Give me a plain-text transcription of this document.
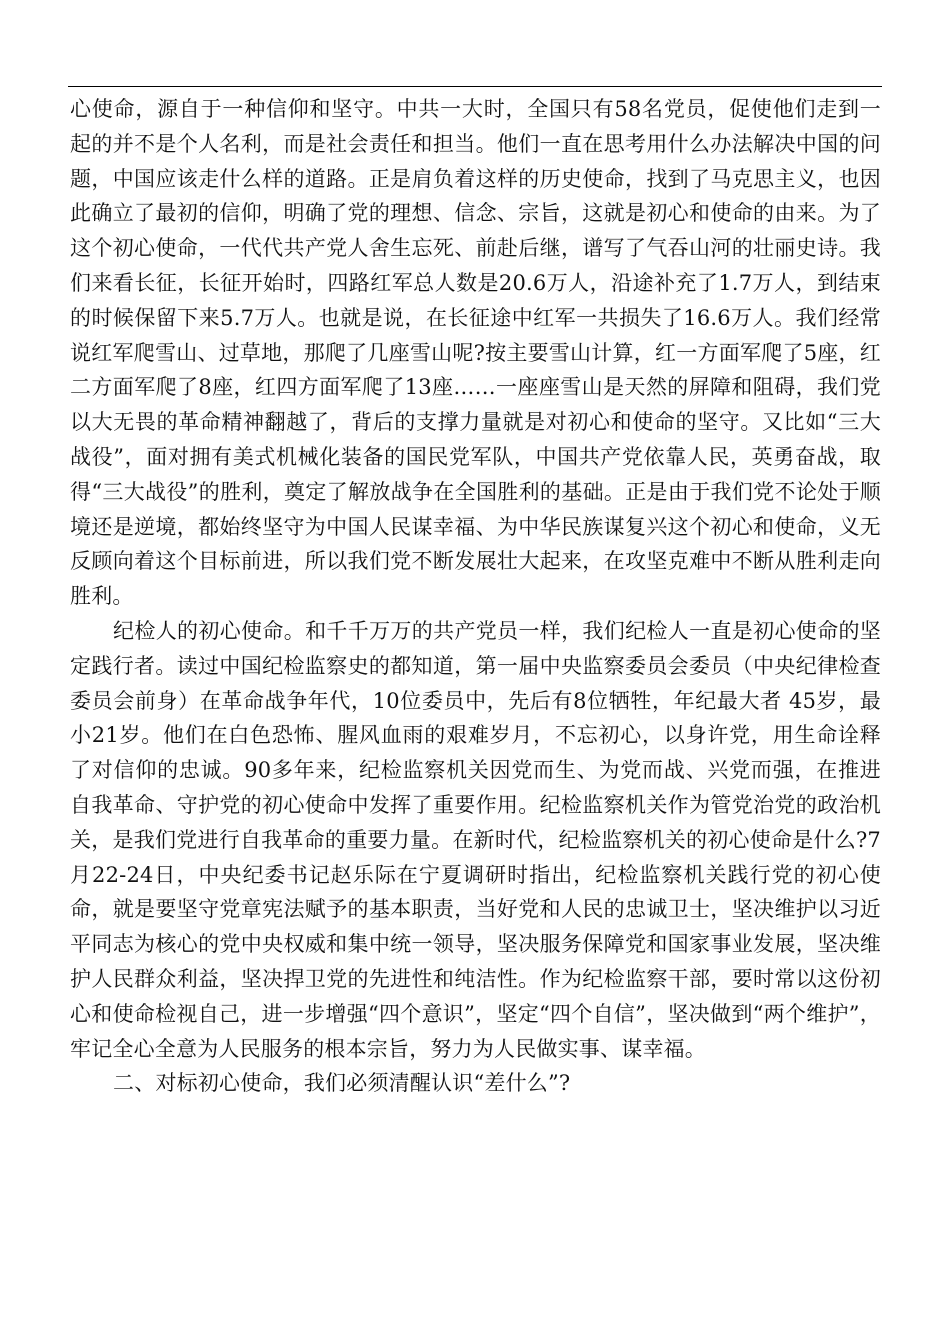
心使命，源自于一种信仰和坚守。中共一大时，全国只有58名党员，促使他们走到一起的并不是个人名利，而是社会责任和担当。他们一直在思考用什么办法解决中国的问题，中国应该走什么样的道路。正是肩负着这样的历史使命，找到了马克思主义，也因此确立了最初的信仰，明确了党的理想、信念、宗旨，这就是初心和使命的由来。为了这个初心使命，一代代共产党人舍生忘死、前赴后继，谱写了气吞山河的壮丽史诗。我们来看长征，长征开始时，四路红军总人数是20.6万人，沿途补充了1.7万人，到结束的时候保留下来5.7万人。也就是说，在长征途中红军一共损失了16.6万人。我们经常说红军爬雪山、过草地，那爬了几座雪山呢?按主要雪山计算，红一方面军爬了5座，红二方面军爬了8座，红四方面军爬了13座……一座座雪山是天然的屏障和阻碍，我们党以大无畏的革命精神翻越了，背后的支撑力量就是对初心和使命的坚守。又比如“三大战役”，面对拥有美式机械化装备的国民党军队，中国共产党依靠人民，英勇奋战，取得“三大战役”的胜利，奠定了解放战争在全国胜利的基础。正是由于我们党不论处于顺境还是逆境，都始终坚守为中国人民谋幸福、为中华民族谋复兴这个初心和使命，义无反顾向着这个目标前进，所以我们党不断发展壮大起来，在攻坚克难中不断从胜利走向胜利。

纪检人的初心使命。和千千万万的共产党员一样，我们纪检人一直是初心使命的坚定践行者。读过中国纪检监察史的都知道，第一届中央监察委员会委员（中央纪律检查委员会前身）在革命战争年代，10位委员中，先后有8位牺牲，年纪最大者 45岁，最小21岁。他们在白色恐怖、腥风血雨的艰难岁月，不忘初心，以身许党，用生命诠释了对信仰的忠诚。90多年来，纪检监察机关因党而生、为党而战、兴党而强，在推进自我革命、守护党的初心使命中发挥了重要作用。纪检监察机关作为管党治党的政治机关，是我们党进行自我革命的重要力量。在新时代，纪检监察机关的初心使命是什么?7月22-24日，中央纪委书记赵乐际在宁夏调研时指出，纪检监察机关践行党的初心使命，就是要坚守党章宪法赋予的基本职责，当好党和人民的忠诚卫士，坚决维护以习近平同志为核心的党中央权威和集中统一领导，坚决服务保障党和国家事业发展，坚决维护人民群众利益，坚决捍卫党的先进性和纯洁性。作为纪检监察干部，要时常以这份初心和使命检视自己，进一步增强“四个意识”，坚定“四个自信”，坚决做到“两个维护”，牢记全心全意为人民服务的根本宗旨，努力为人民做实事、谋幸福。

二、对标初心使命，我们必须清醒认识“差什么”?
